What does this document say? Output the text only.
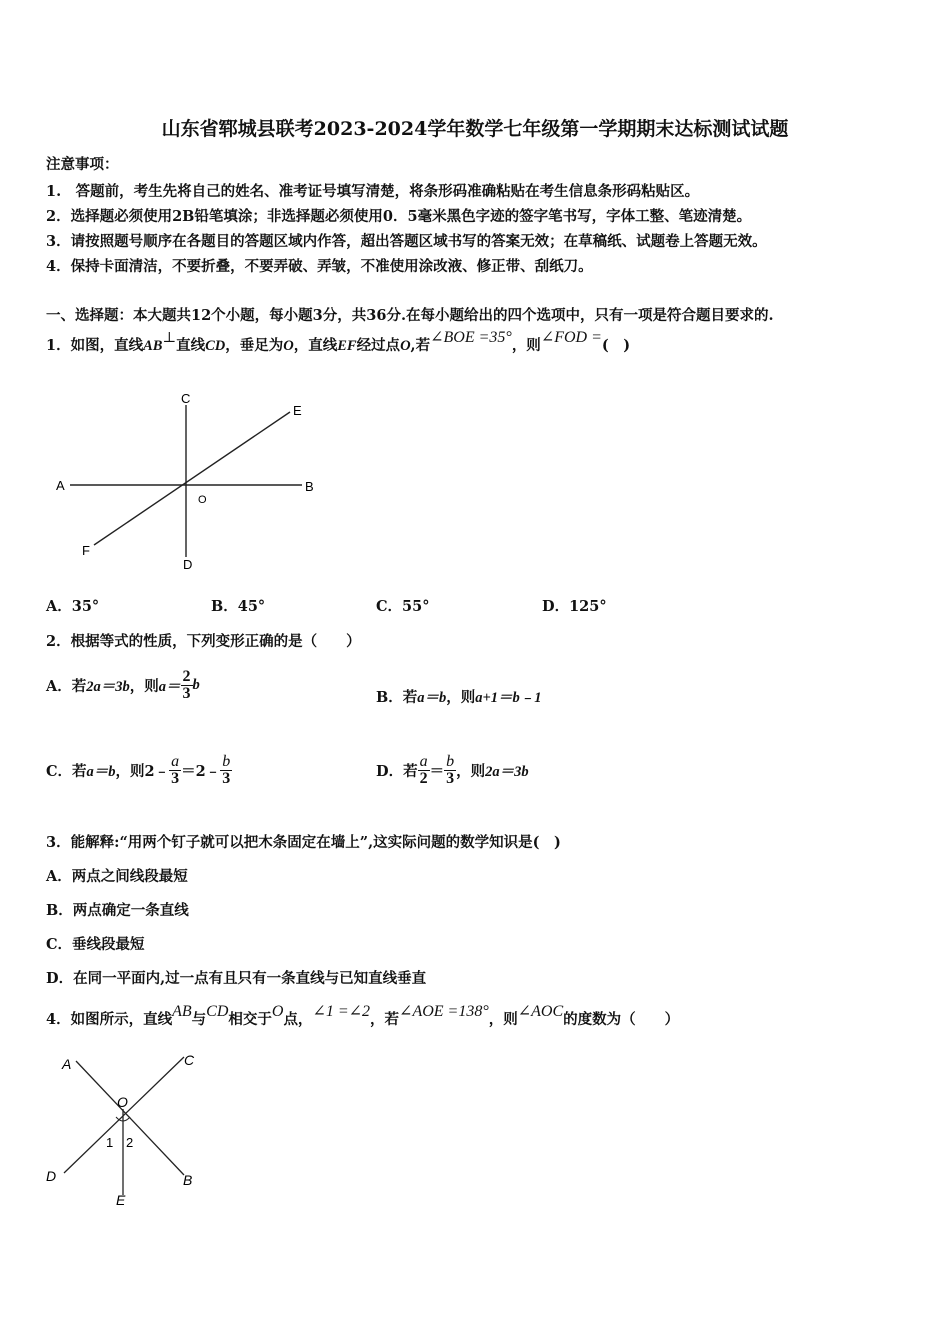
山东省郓城县联考2023-2024学年数学七年级第一学期期末达标测试试题
注意事项：
1.　答题前，考生先将自己的姓名、准考证号填写清楚，将条形码准确粘贴在考生信息条形码粘贴区。
2．选择题必须使用2B铅笔填涂；非选择题必须使用0．5毫米黑色字迹的签字笔书写，字体工整、笔迹清楚。
3．请按照题号顺序在各题目的答题区域内作答，超出答题区域书写的答案无效；在草稿纸、试题卷上答题无效。
4．保持卡面清洁，不要折叠，不要弄破、弄皱，不准使用涂改液、修正带、刮纸刀。
一、选择题：本大题共12个小题，每小题3分，共36分.在每小题给出的四个选项中，只有一项是符合题目要求的.
1．如图，直线AB⊥直线CD，垂足为O，直线EF经过点O,若∠BOE =35°，则∠FOD =(　)
A	B
C
D
E
F
O
A．35°	B．45°	C．55°	D．125°
2．根据等式的性质，下列变形正确的是（　　）
A．若 2a＝3b ，则 $a= \frac{2}{3}$ b
B．若a＝b，则a+1＝b﹣1
C．若 a＝b ，则 2﹣ $\frac{a}{3}$ ＝2﹣ $\frac{b}{3}$	D．若 $\frac{a}{2} = \frac{b}{3}$ ，则 2a＝3b
3．能解释:“用两个钉子就可以把木条固定在墙上”,这实际问题的数学知识是(　)
A．两点之间线段最短
B．两点确定一条直线
C．垂线段最短
D．在同一平面内,过一点有且只有一条直线与已知直线垂直
4．如图所示，直线AB与CD相交于O点，∠1 =∠2，若∠AOE =138°，则∠AOC的度数为（　　）
A
B
C
D
E
O
1 2
